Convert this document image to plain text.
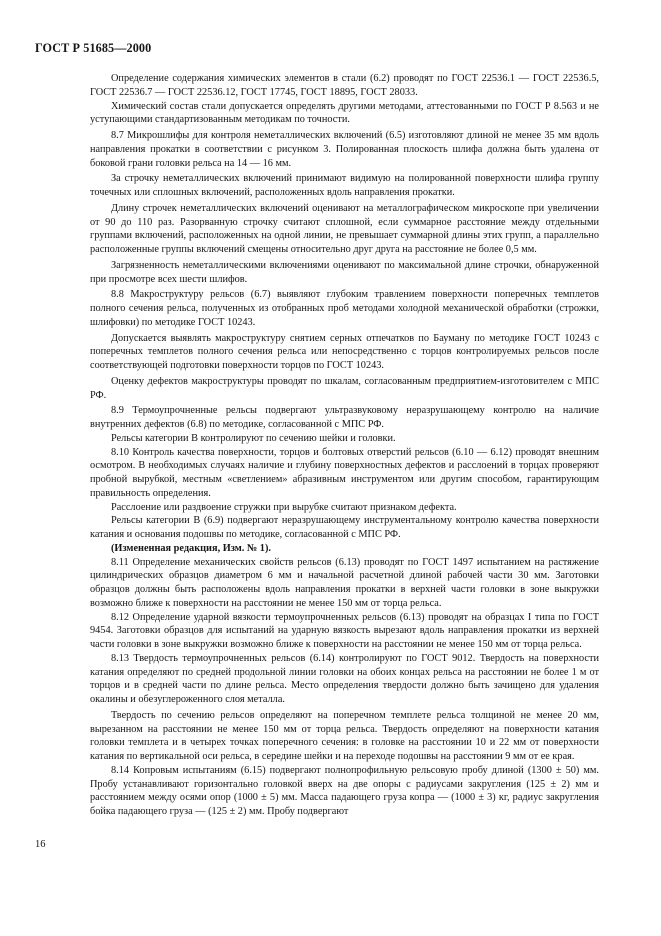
ГОСТ Р 51685—2000

Определение содержания химических элементов в стали (6.2) проводят по ГОСТ 22536.1 — ГОСТ 22536.5, ГОСТ 22536.7 — ГОСТ 22536.12, ГОСТ 17745, ГОСТ 18895, ГОСТ 28033.

Химический состав стали допускается определять другими методами, аттестованными по ГОСТ Р 8.563 и не уступающими стандартизованным методикам по точности.

8.7 Микрошлифы для контроля неметаллических включений (6.5) изготовляют длиной не менее 35 мм вдоль направления прокатки в соответствии с рисунком 3. Полированная плоскость шлифа должна быть удалена от боковой грани головки рельса на 14 — 16 мм.

За строчку неметаллических включений принимают видимую на полированной поверхности шлифа группу точечных или сплошных включений, расположенных вдоль направления прокатки.

Длину строчек неметаллических включений оценивают на металлографическом микроскопе при увеличении от 90 до 110 раз. Разорванную строчку считают сплошной, если суммарное расстояние между отдельными группами включений, расположенных на одной линии, не превышает суммарной длины этих групп, а параллельно расположенные группы включений смещены относительно друг друга на расстояние не более 0,5 мм.

Загрязненность неметаллическими включениями оценивают по максимальной длине строчки, обнаруженной при просмотре всех шести шлифов.

8.8 Макроструктуру рельсов (6.7) выявляют глубоким травлением поверхности поперечных темплетов полного сечения рельса, полученных из отобранных проб методами холодной механической обработки (строжки, шлифовки) по методике ГОСТ 10243.

Допускается выявлять макроструктуру снятием серных отпечатков по Бауману по методике ГОСТ 10243 с поперечных темплетов полного сечения рельса или непосредственно с торцов контролируемых рельсов после соответствующей подготовки поверхности торцов по ГОСТ 10243.

Оценку дефектов макроструктуры проводят по шкалам, согласованным предприятием-изготовителем с МПС РФ.

8.9 Термоупрочненные рельсы подвергают ультразвуковому неразрушающему контролю на наличие внутренних дефектов (6.8) по методике, согласованной с МПС РФ.

Рельсы категории В контролируют по сечению шейки и головки.

8.10 Контроль качества поверхности, торцов и болтовых отверстий рельсов (6.10 — 6.12) проводят внешним осмотром. В необходимых случаях наличие и глубину поверхностных дефектов и расслоений в торцах проверяют пробной вырубкой, местным «светлением» абразивным инструментом или другим способом, гарантирующим правильность определения.

Расслоение или раздвоение стружки при вырубке считают признаком дефекта.

Рельсы категории В (6.9) подвергают неразрушающему инструментальному контролю качества поверхности катания и основания подошвы по методике, согласованной с МПС РФ.

(Измененная редакция, Изм. № 1).

8.11 Определение механических свойств рельсов (6.13) проводят по ГОСТ 1497 испытанием на растяжение цилиндрических образцов диаметром 6 мм и начальной расчетной длиной рабочей части 30 мм. Заготовки образцов должны быть расположены вдоль направления прокатки в верхней части головки в зоне выкружки возможно ближе к поверхности на расстоянии не менее 150 мм от торца рельса.

8.12 Определение ударной вязкости термоупрочненных рельсов (6.13) проводят на образцах I типа по ГОСТ 9454. Заготовки образцов для испытаний на ударную вязкость вырезают вдоль направления прокатки из верхней части головки в зоне выкружки возможно ближе к поверхности на расстоянии не менее 150 мм от торца рельса.

8.13 Твердость термоупрочненных рельсов (6.14) контролируют по ГОСТ 9012. Твердость на поверхности катания определяют по средней продольной линии головки на обоих концах рельса на расстоянии не более 1 м от торцов и в средней части по длине рельса. Место определения твердости должно быть зачищено для удаления окалины и обезуглероженного слоя металла.

Твердость по сечению рельсов определяют на поперечном темплете рельса толщиной не менее 20 мм, вырезанном на расстоянии не менее 150 мм от торца рельса. Твердость определяют на поверхности катания головки темплета и в четырех точках поперечного сечения: в головке на расстоянии 10 и 22 мм от поверхности катания по вертикальной оси рельса, в середине шейки и на переходе подошвы на расстоянии 9 мм от ее края.

8.14 Копровым испытаниям (6.15) подвергают полнопрофильную рельсовую пробу длиной (1300 ± 50) мм. Пробу устанавливают горизонтально головкой вверх на две опоры с радиусами закругления (125 ± 2) мм и расстоянием между осями опор (1000 ± 5) мм. Масса падающего груза копра — (1000 ± 3) кг, радиус закругления бойка падающего груза — (125 ± 2) мм. Пробу подвергают

16
